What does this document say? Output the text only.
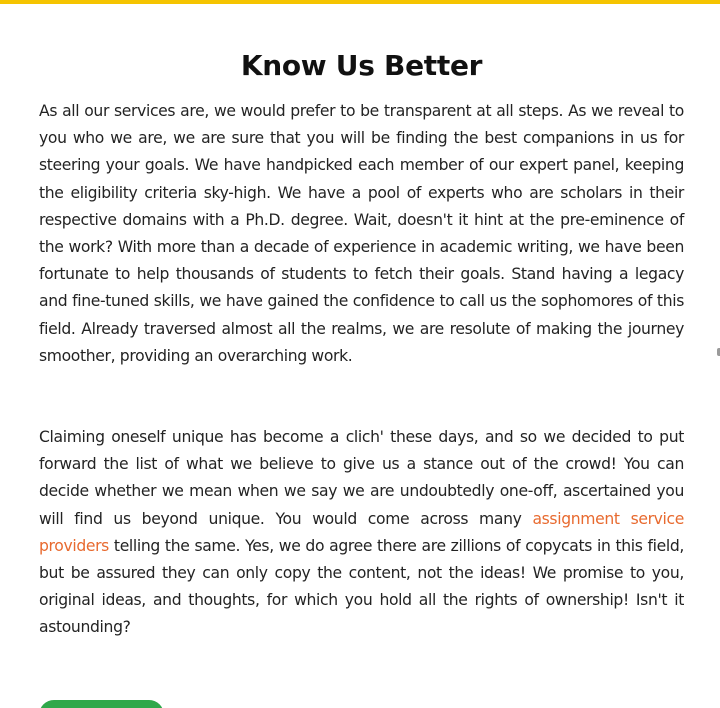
Know Us Better

As all our services are, we would prefer to be transparent at all steps. As we reveal to you who we are, we are sure that you will be finding the best companions in us for steering your goals. We have handpicked each member of our expert panel, keeping the eligibility criteria sky-high. We have a pool of experts who are scholars in their respective domains with a Ph.D. degree. Wait, doesn't it hint at the pre-eminence of the work? With more than a decade of experience in academic writing, we have been fortunate to help thousands of students to fetch their goals. Stand having a legacy and fine-tuned skills, we have gained the confidence to call us the sophomores of this field. Already traversed almost all the realms, we are resolute of making the journey smoother, providing an overarching work.

Claiming oneself unique has become a clich' these days, and so we decided to put forward the list of what we believe to give us a stance out of the crowd! You can decide whether we mean when we say we are undoubtedly one-off, ascertained you will find us beyond unique. You would come across many assignment service providers telling the same. Yes, we do agree there are zillions of copycats in this field, but be assured they can only copy the content, not the ideas! We promise to you, original ideas, and thoughts, for which you hold all the rights of ownership! Isn't it astounding?
